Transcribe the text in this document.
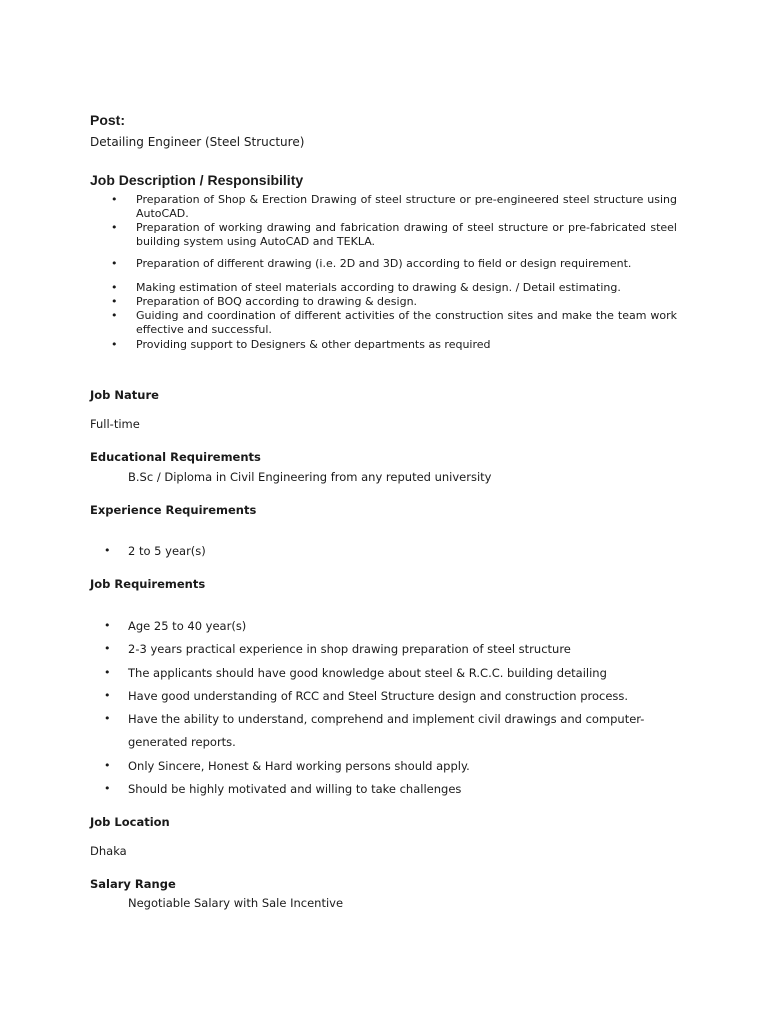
Post:
Detailing Engineer (Steel Structure)
Job Description / Responsibility
• Preparation of Shop & Erection Drawing of steel structure or pre-engineered steel structure using AutoCAD.
• Preparation of working drawing and fabrication drawing of steel structure or pre-fabricated steel building system using AutoCAD and TEKLA.
• Preparation of different drawing (i.e. 2D and 3D) according to field or design requirement.
• Making estimation of steel materials according to drawing & design. / Detail estimating.
• Preparation of BOQ according to drawing & design.
• Guiding and coordination of different activities of the construction sites and make the team work effective and successful.
• Providing support to Designers & other departments as required
Job Nature
Full-time
Educational Requirements
B.Sc / Diploma in Civil Engineering from any reputed university
Experience Requirements
• 2 to 5 year(s)
Job Requirements
• Age 25 to 40 year(s)
• 2-3 years practical experience in shop drawing preparation of steel structure
• The applicants should have good knowledge about steel & R.C.C. building detailing
• Have good understanding of RCC and Steel Structure design and construction process.
• Have the ability to understand, comprehend and implement civil drawings and computer-
generated reports.
• Only Sincere, Honest & Hard working persons should apply.
• Should be highly motivated and willing to take challenges
Job Location
Dhaka
Salary Range
Negotiable Salary with Sale Incentive
